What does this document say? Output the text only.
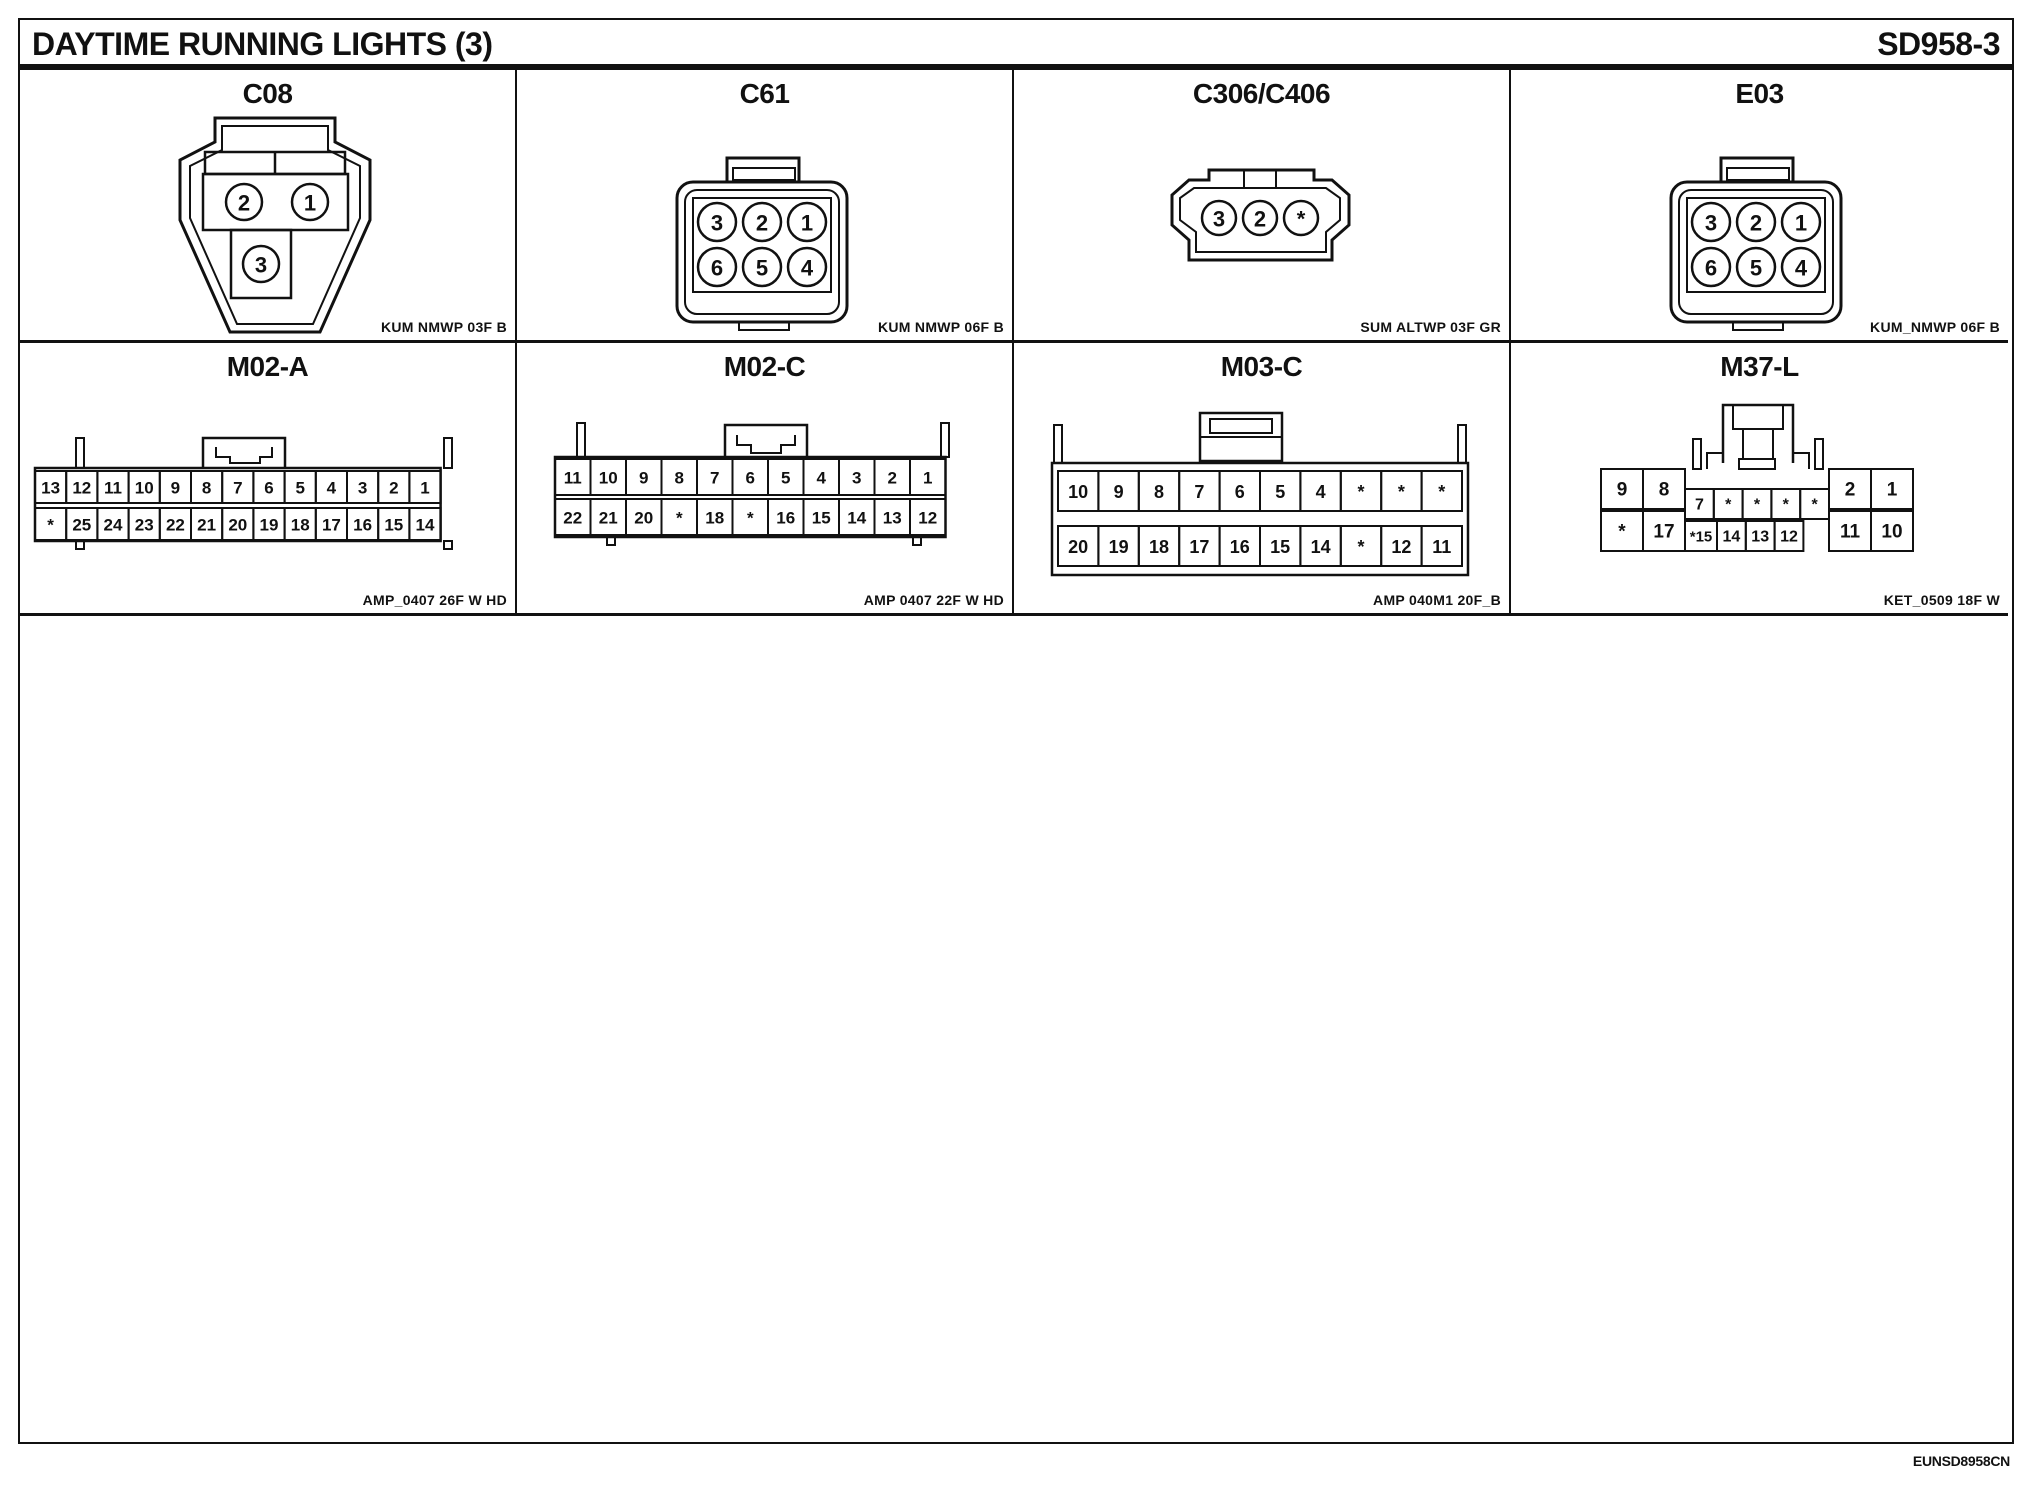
DAYTIME RUNNING LIGHTS (3)	SD958-3
C08
2 1
3
KUM NMWP 03F B
C61
3 2 1
6 5 4
KUM NMWP 06F B
C306/C406
3 2 *
SUM ALTWP 03F GR
E03
3 2 1
6 5 4
KUM_NMWP 06F B
M02-A
13 12 11 10 9 8 7 6 5 4 3 2 1
* 25 24 23 22 21 20 19 18 17 16 15 14
AMP_0407 26F W HD
M02-C
11 10 9 8 7 6 5 4 3 2 1
22 21 20 * 18 * 16 15 14 13 12
AMP 0407 22F W HD
M03-C
10 9 8 7 6 5 4 * * *
20 19 18 17 16 15 14 * 12 11
AMP 040M1 20F_B
M37-L
9 8
* 17
7 * * * *
*15 14 13 12
2 1
11 10
KET_0509 18F W
EUNSD8958CN
